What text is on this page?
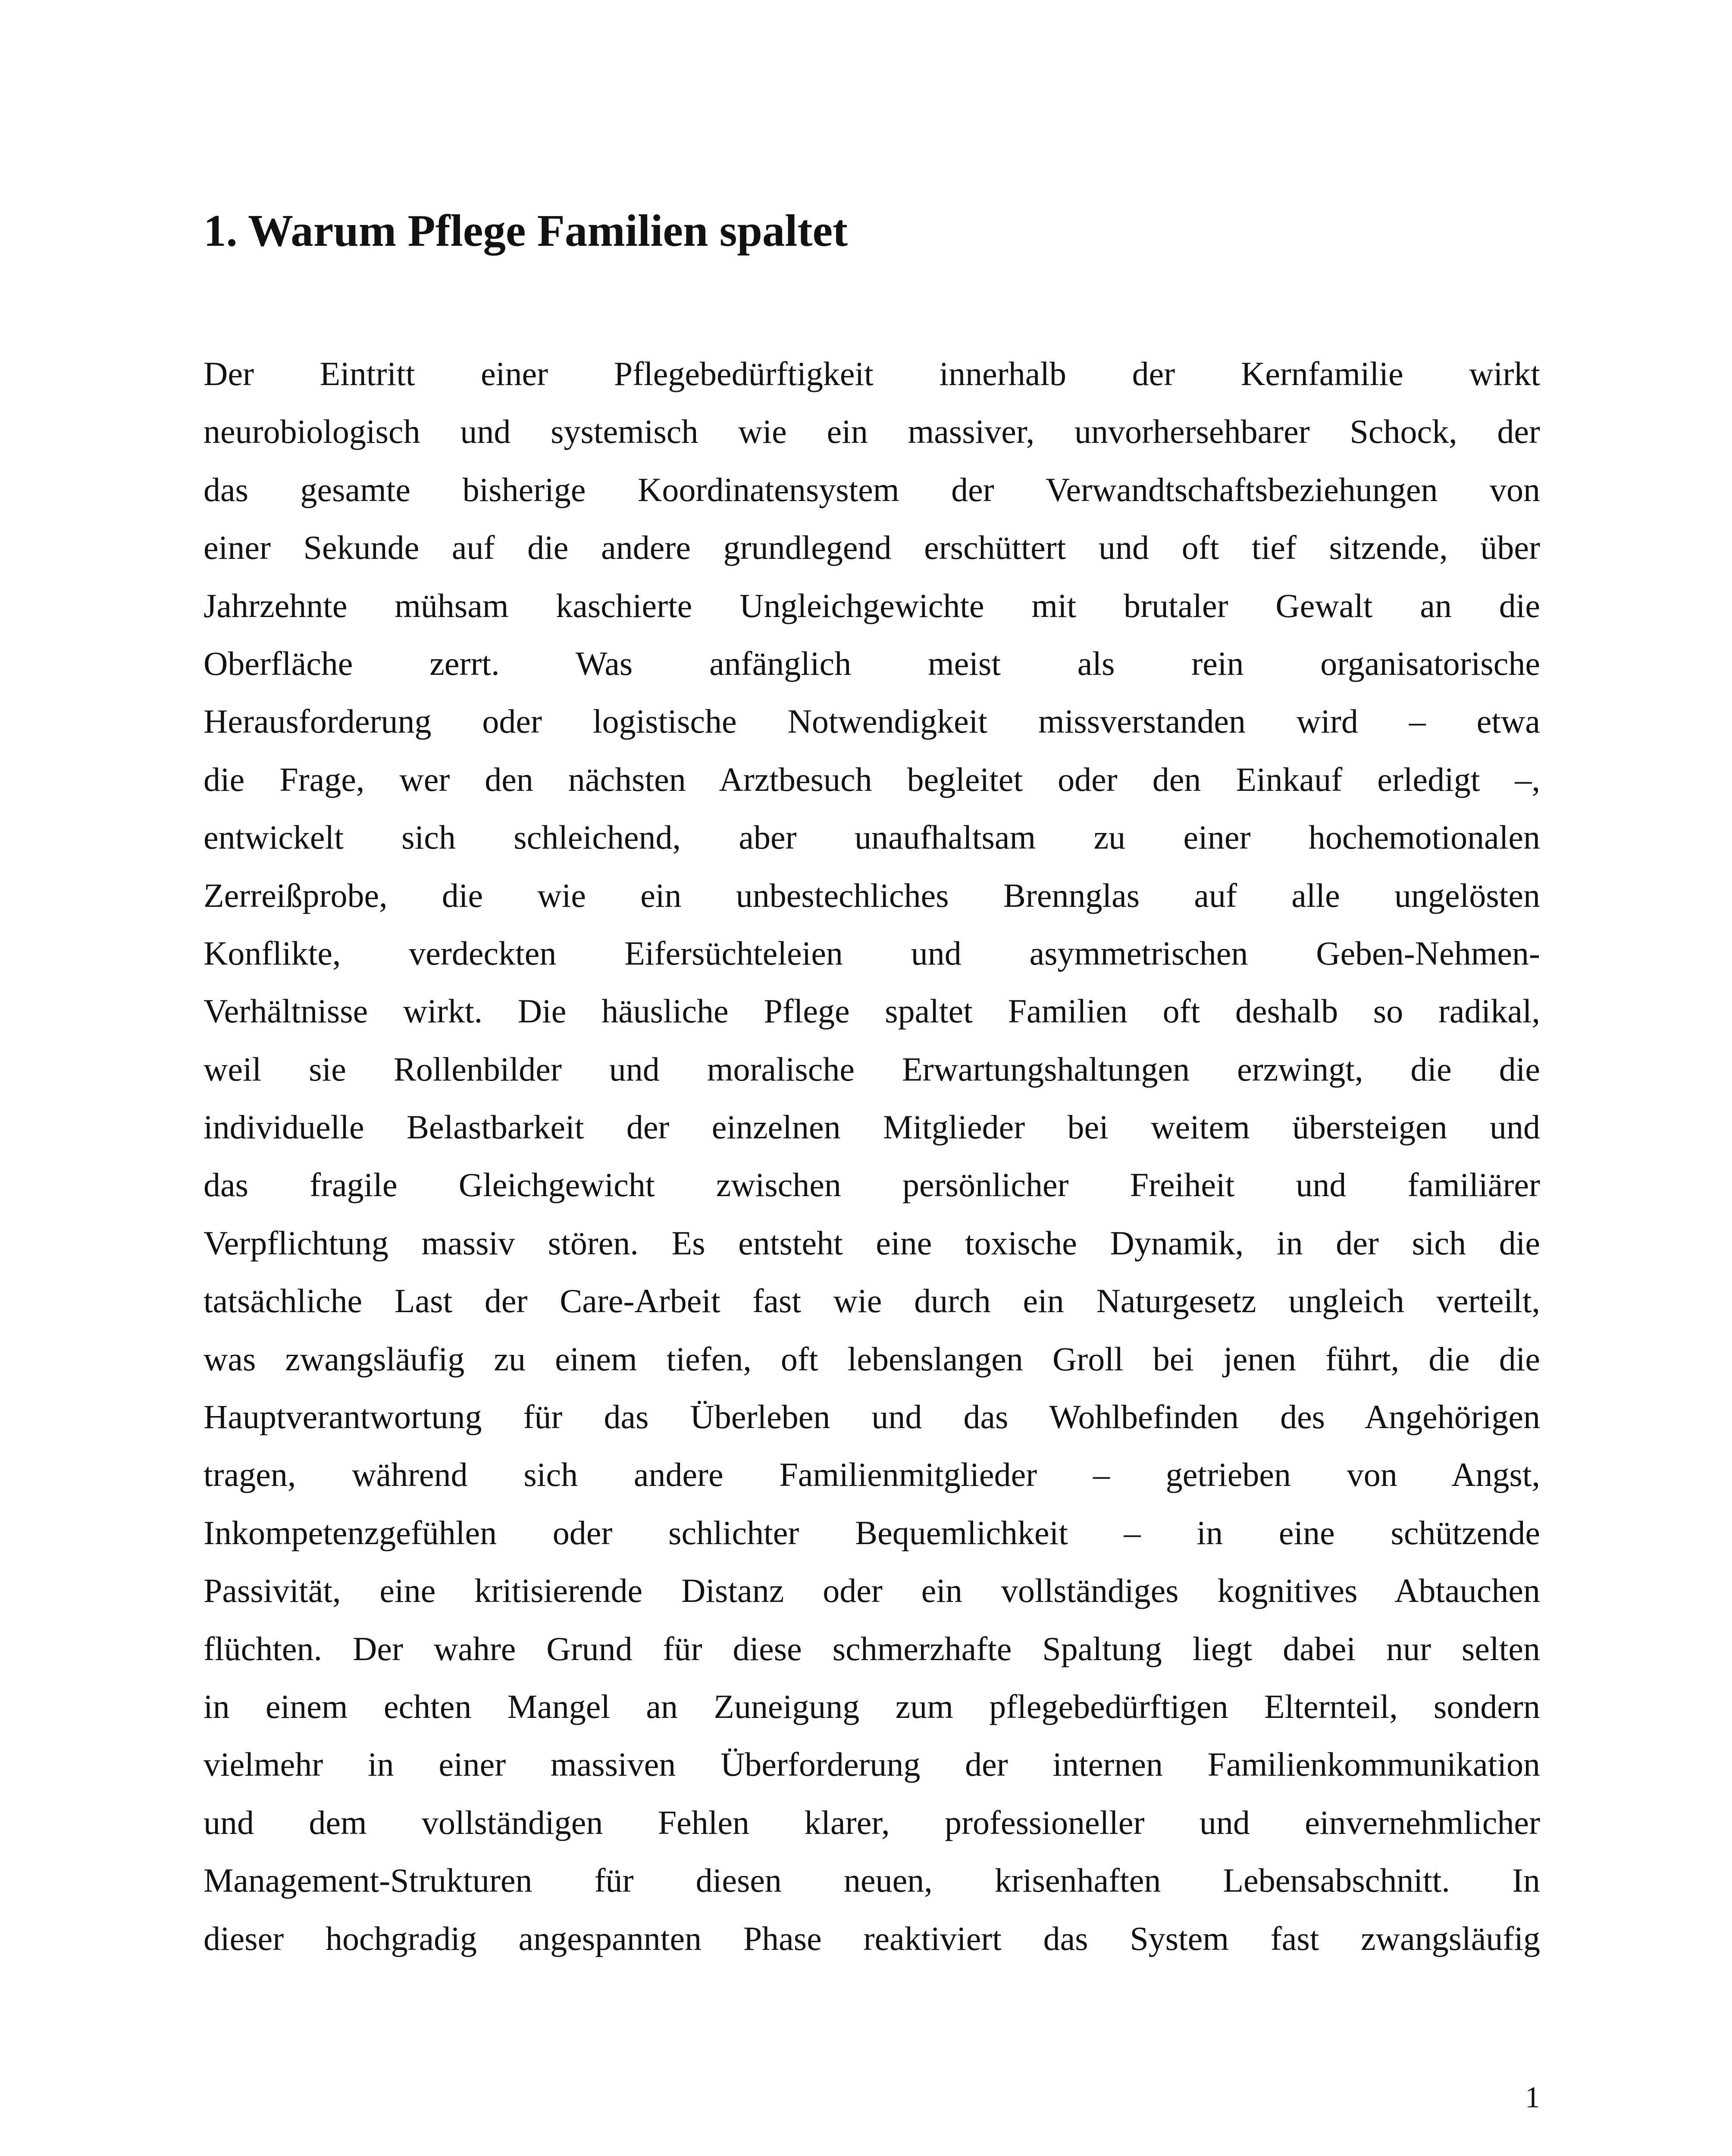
1. Warum Pflege Familien spaltet
Der Eintritt einer Pflegebedürftigkeit innerhalb der Kernfamilie wirkt
neurobiologisch und systemisch wie ein massiver, unvorhersehbarer Schock, der
das gesamte bisherige Koordinatensystem der Verwandtschaftsbeziehungen von
einer Sekunde auf die andere grundlegend erschüttert und oft tief sitzende, über
Jahrzehnte mühsam kaschierte Ungleichgewichte mit brutaler Gewalt an die
Oberfläche zerrt. Was anfänglich meist als rein organisatorische
Herausforderung oder logistische Notwendigkeit missverstanden wird – etwa
die Frage, wer den nächsten Arztbesuch begleitet oder den Einkauf erledigt –,
entwickelt sich schleichend, aber unaufhaltsam zu einer hochemotionalen
Zerreißprobe, die wie ein unbestechliches Brennglas auf alle ungelösten
Konflikte, verdeckten Eifersüchteleien und asymmetrischen Geben-Nehmen-
Verhältnisse wirkt. Die häusliche Pflege spaltet Familien oft deshalb so radikal,
weil sie Rollenbilder und moralische Erwartungshaltungen erzwingt, die die
individuelle Belastbarkeit der einzelnen Mitglieder bei weitem übersteigen und
das fragile Gleichgewicht zwischen persönlicher Freiheit und familiärer
Verpflichtung massiv stören. Es entsteht eine toxische Dynamik, in der sich die
tatsächliche Last der Care-Arbeit fast wie durch ein Naturgesetz ungleich verteilt,
was zwangsläufig zu einem tiefen, oft lebenslangen Groll bei jenen führt, die die
Hauptverantwortung für das Überleben und das Wohlbefinden des Angehörigen
tragen, während sich andere Familienmitglieder – getrieben von Angst,
Inkompetenzgefühlen oder schlichter Bequemlichkeit – in eine schützende
Passivität, eine kritisierende Distanz oder ein vollständiges kognitives Abtauchen
flüchten. Der wahre Grund für diese schmerzhafte Spaltung liegt dabei nur selten
in einem echten Mangel an Zuneigung zum pflegebedürftigen Elternteil, sondern
vielmehr in einer massiven Überforderung der internen Familienkommunikation
und dem vollständigen Fehlen klarer, professioneller und einvernehmlicher
Management-Strukturen für diesen neuen, krisenhaften Lebensabschnitt. In
dieser hochgradig angespannten Phase reaktiviert das System fast zwangsläufig
1
